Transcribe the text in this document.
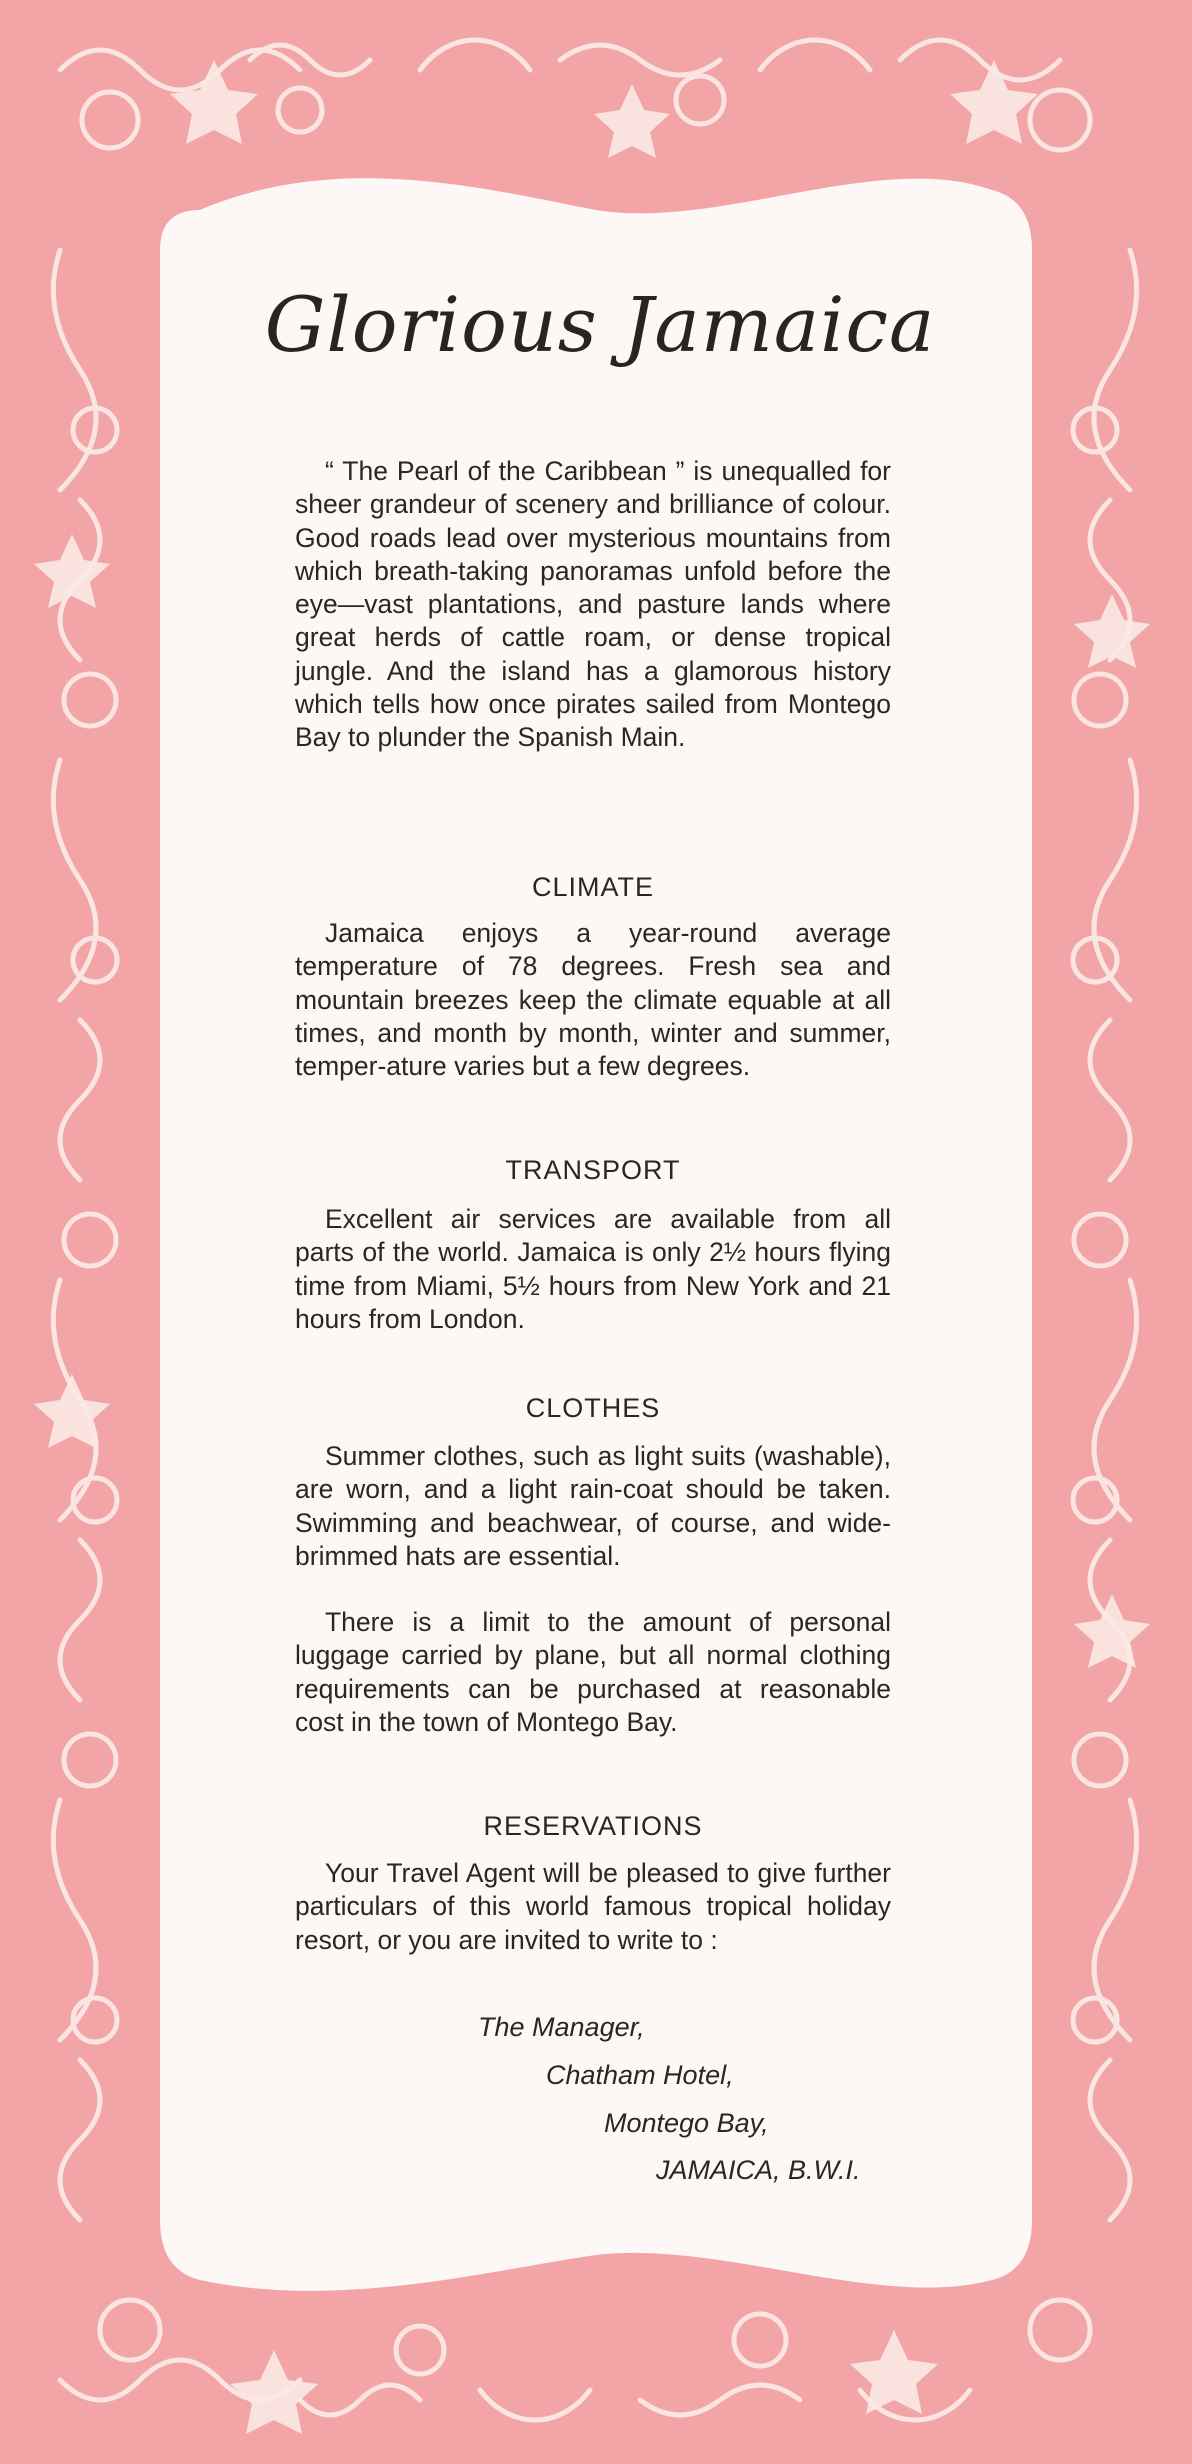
Glorious Jamaica

“ The Pearl of the Caribbean ” is unequalled for sheer grandeur of scenery and brilliance of colour. Good roads lead over mysterious mountains from which breath-taking panoramas unfold before the eye—vast plantations, and pasture lands where great herds of cattle roam, or dense tropical jungle. And the island has a glamorous history which tells how once pirates sailed from Montego Bay to plunder the Spanish Main.

CLIMATE

Jamaica enjoys a year-round average temperature of 78 degrees. Fresh sea and mountain breezes keep the climate equable at all times, and month by month, winter and summer, temper-ature varies but a few degrees.

TRANSPORT

Excellent air services are available from all parts of the world. Jamaica is only 2½ hours flying time from Miami, 5½ hours from New York and 21 hours from London.

CLOTHES

Summer clothes, such as light suits (washable), are worn, and a light rain-coat should be taken. Swimming and beachwear, of course, and wide-brimmed hats are essential.

There is a limit to the amount of personal luggage carried by plane, but all normal clothing requirements can be purchased at reasonable cost in the town of Montego Bay.

RESERVATIONS

Your Travel Agent will be pleased to give further particulars of this world famous tropical holiday resort, or you are invited to write to :

The Manager,
Chatham Hotel,
Montego Bay,
JAMAICA, B.W.I.
